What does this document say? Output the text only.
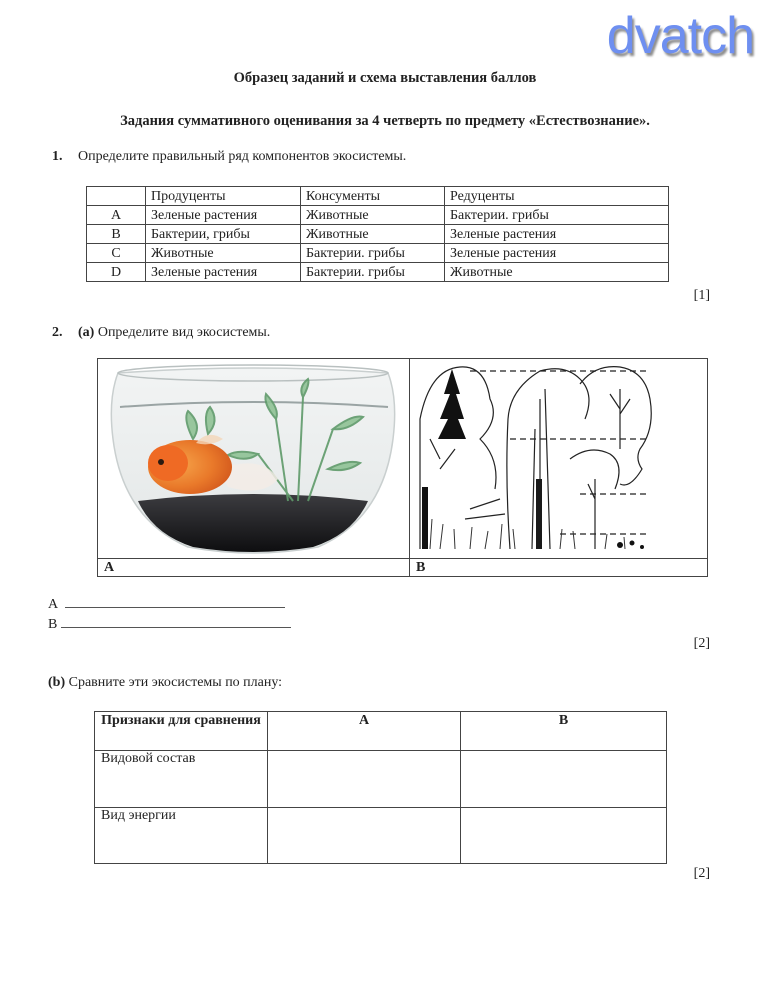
dvatch
Образец заданий и схема выставления баллов
Задания суммативного оценивания за 4 четверть по предмету «Естествознание».
1. Определите правильный ряд компонентов экосистемы.
	Продуценты	Консументы	Редуценты
A	Зеленые растения	Животные	Бактерии. грибы
B	Бактерии, грибы	Животные	Зеленые растения
C	Животные	Бактерии. грибы	Зеленые растения
D	Зеленые растения	Бактерии. грибы	Животные
[1]
2. (a) Определите вид экосистемы.
A	B
A
B
[2]
(b) Сравните эти экосистемы по плану:
Признаки для сравнения	A	B
Видовой состав		
Вид энергии		
[2]
